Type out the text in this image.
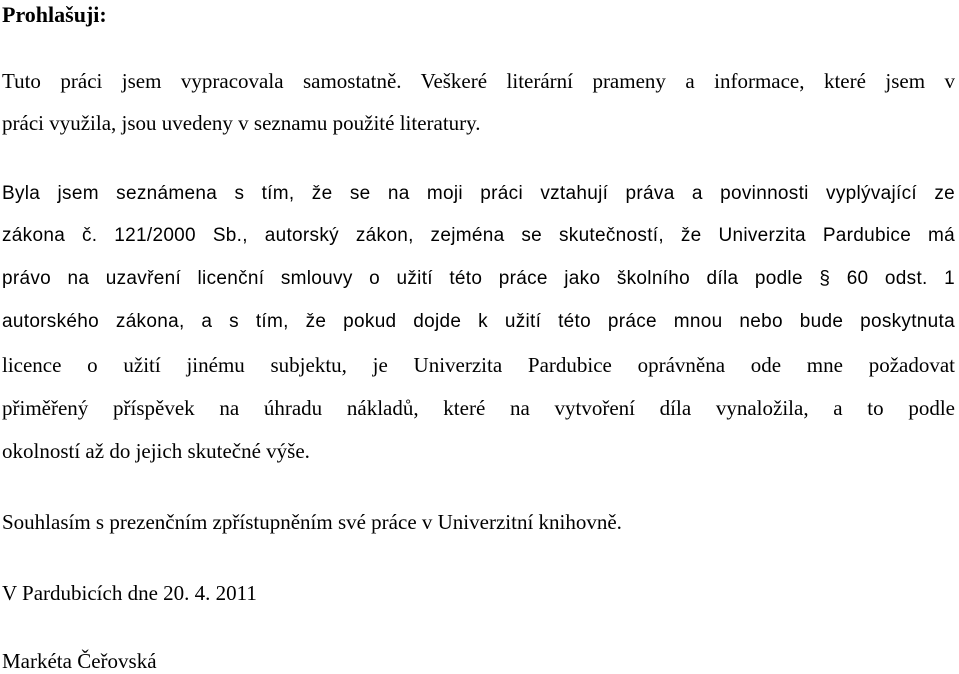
Prohlašuji:
Tuto práci jsem vypracovala samostatně. Veškeré literární prameny a informace, které jsem v
práci využila, jsou uvedeny v seznamu použité literatury.
Byla jsem seznámena s tím, že se na moji práci vztahují práva a povinnosti vyplývající ze
zákona č. 121/2000 Sb., autorský zákon, zejména se skutečností, že Univerzita Pardubice má
právo na uzavření licenční smlouvy o užití této práce jako školního díla podle § 60 odst. 1
autorského zákona, a s tím, že pokud dojde k užití této práce mnou nebo bude poskytnuta
licence o užití jinému subjektu, je Univerzita Pardubice oprávněna ode mne požadovat
přiměřený příspěvek na úhradu nákladů, které na vytvoření díla vynaložila, a to podle
okolností až do jejich skutečné výše.
Souhlasím s prezenčním zpřístupněním své práce v Univerzitní knihovně.
V Pardubicích dne 20. 4. 2011
Markéta Čeřovská
